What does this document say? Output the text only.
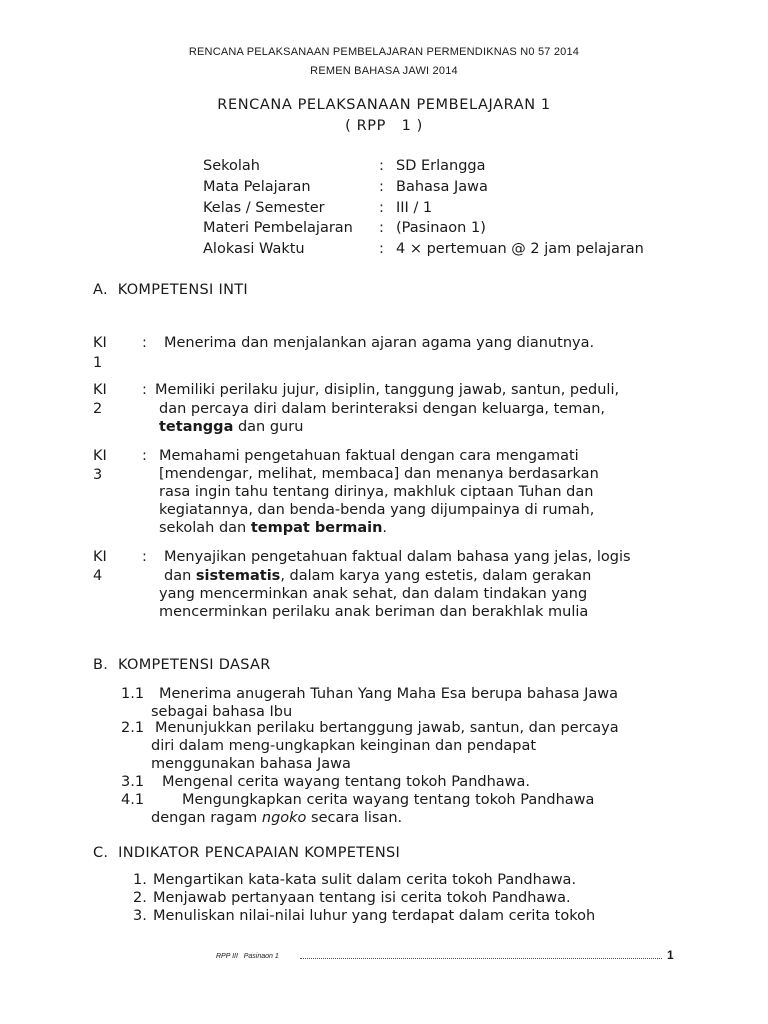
RENCANA PELAKSANAAN PEMBELAJARAN PERMENDIKNAS N0 57 2014
REMEN BAHASA JAWI 2014
RENCANA PELAKSANAAN PEMBELAJARAN 1
( RPP   1 )
Sekolah	: SD Erlangga
Mata Pelajaran	: Bahasa Jawa
Kelas / Semester	: III / 1
Materi Pembelajaran : (Pasinaon 1)
Alokasi Waktu	: 4 × pertemuan @ 2 jam pelajaran
A.  KOMPETENSI INTI
KI
1
: Menerima dan menjalankan ajaran agama yang dianutnya.
KI
2
: Memiliki perilaku jujur, disiplin, tanggung jawab, santun, peduli,
dan percaya diri dalam berinteraksi dengan keluarga, teman,
tetangga dan guru
KI
3
: Memahami pengetahuan faktual dengan cara mengamati
[mendengar, melihat, membaca] dan menanya berdasarkan
rasa ingin tahu tentang dirinya, makhluk ciptaan Tuhan dan
kegiatannya, dan benda-benda yang dijumpainya di rumah,
sekolah dan tempat bermain.
KI
4
: Menyajikan pengetahuan faktual dalam bahasa yang jelas, logis
dan sistematis, dalam karya yang estetis, dalam gerakan
yang mencerminkan anak sehat, dan dalam tindakan yang
mencerminkan perilaku anak beriman dan berakhlak mulia
B.  KOMPETENSI DASAR
1.1 Menerima anugerah Tuhan Yang Maha Esa berupa bahasa Jawa
sebagai bahasa Ibu
2.1 Menunjukkan perilaku bertanggung jawab, santun, dan percaya
diri dalam meng-ungkapkan keinginan dan pendapat
menggunakan bahasa Jawa
3.1 Mengenal cerita wayang tentang tokoh Pandhawa.
4.1	Mengungkapkan cerita wayang tentang tokoh Pandhawa
dengan ragam ngoko secara lisan.
C.  INDIKATOR PENCAPAIAN KOMPETENSI
1. Mengartikan kata-kata sulit dalam cerita tokoh Pandhawa.
2. Menjawab pertanyaan tentang isi cerita tokoh Pandhawa.
3. Menuliskan nilai-nilai luhur yang terdapat dalam cerita tokoh
RPP III   Pasinaon 1	1
